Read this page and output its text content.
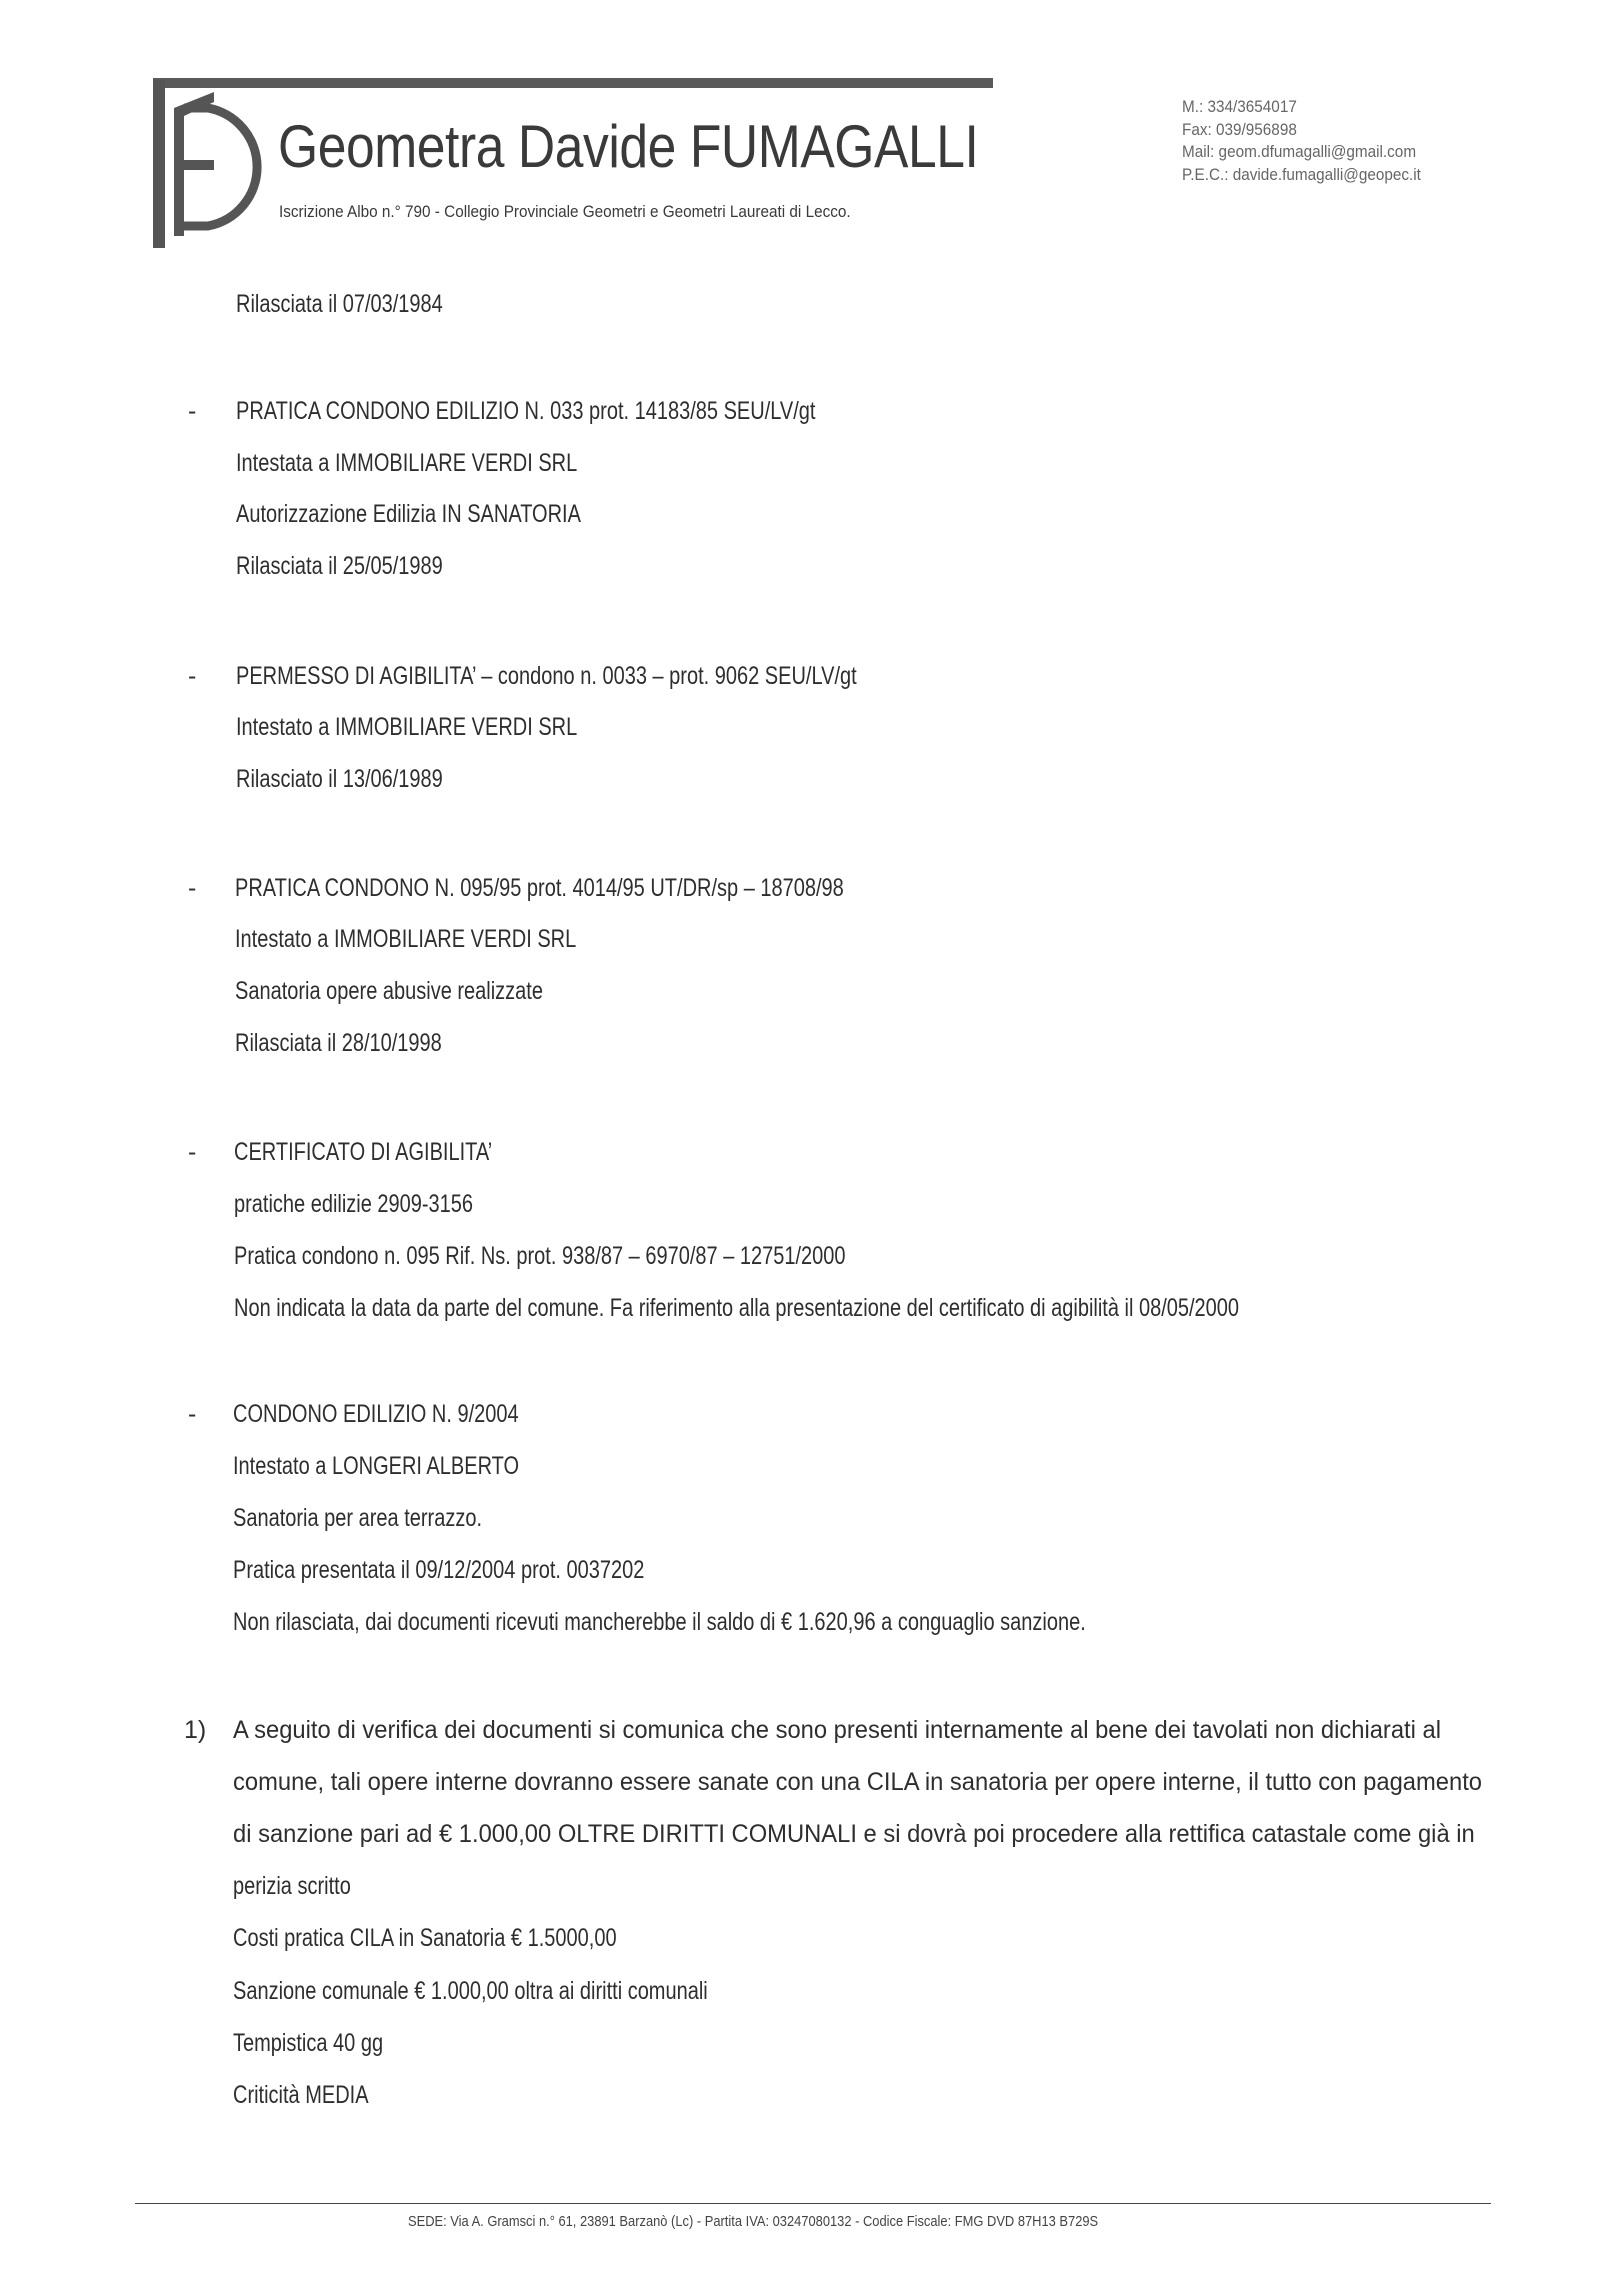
Geometra Davide FUMAGALLI
Iscrizione Albo n.° 790 - Collegio Provinciale Geometri e Geometri Laureati di Lecco.
M.: 334/3654017
Fax: 039/956898
Mail: geom.dfumagalli@gmail.com
P.E.C.: davide.fumagalli@geopec.it
Rilasciata il 07/03/1984
- PRATICA CONDONO EDILIZIO N. 033 prot. 14183/85 SEU/LV/gt
Intestata a IMMOBILIARE VERDI SRL
Autorizzazione Edilizia IN SANATORIA
Rilasciata il 25/05/1989
- PERMESSO DI AGIBILITA’ – condono n. 0033 – prot. 9062 SEU/LV/gt
Intestato a IMMOBILIARE VERDI SRL
Rilasciato il 13/06/1989
- PRATICA CONDONO N. 095/95 prot. 4014/95 UT/DR/sp – 18708/98
Intestato a IMMOBILIARE VERDI SRL
Sanatoria opere abusive realizzate
Rilasciata il 28/10/1998
- CERTIFICATO DI AGIBILITA’
pratiche edilizie 2909-3156
Pratica condono n. 095 Rif. Ns. prot. 938/87 – 6970/87 – 12751/2000
Non indicata la data da parte del comune. Fa riferimento alla presentazione del certificato di agibilità il 08/05/2000
- CONDONO EDILIZIO N. 9/2004
Intestato a LONGERI ALBERTO
Sanatoria per area terrazzo.
Pratica presentata il 09/12/2004 prot. 0037202
Non rilasciata, dai documenti ricevuti mancherebbe il saldo di € 1.620,96 a conguaglio sanzione.
1) A seguito di verifica dei documenti si comunica che sono presenti internamente al bene dei tavolati non dichiarati al
comune, tali opere interne dovranno essere sanate con una CILA in sanatoria per opere interne, il tutto con pagamento
di sanzione pari ad € 1.000,00 OLTRE DIRITTI COMUNALI e si dovrà poi procedere alla rettifica catastale come già in
perizia scritto
Costi pratica CILA in Sanatoria € 1.5000,00
Sanzione comunale € 1.000,00 oltra ai diritti comunali
Tempistica 40 gg
Criticità MEDIA
SEDE: Via A. Gramsci n.° 61, 23891 Barzanò (Lc) - Partita IVA: 03247080132 - Codice Fiscale: FMG DVD 87H13 B729S
